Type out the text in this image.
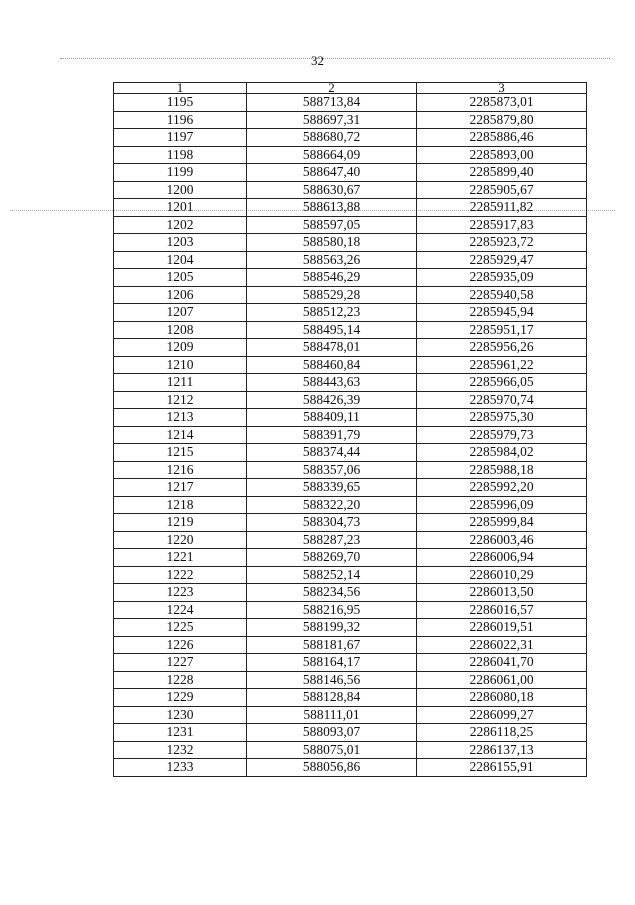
32
1	2	3
1195	588713,84	2285873,01
1196	588697,31	2285879,80
1197	588680,72	2285886,46
1198	588664,09	2285893,00
1199	588647,40	2285899,40
1200	588630,67	2285905,67
1201	588613,88	2285911,82
1202	588597,05	2285917,83
1203	588580,18	2285923,72
1204	588563,26	2285929,47
1205	588546,29	2285935,09
1206	588529,28	2285940,58
1207	588512,23	2285945,94
1208	588495,14	2285951,17
1209	588478,01	2285956,26
1210	588460,84	2285961,22
1211	588443,63	2285966,05
1212	588426,39	2285970,74
1213	588409,11	2285975,30
1214	588391,79	2285979,73
1215	588374,44	2285984,02
1216	588357,06	2285988,18
1217	588339,65	2285992,20
1218	588322,20	2285996,09
1219	588304,73	2285999,84
1220	588287,23	2286003,46
1221	588269,70	2286006,94
1222	588252,14	2286010,29
1223	588234,56	2286013,50
1224	588216,95	2286016,57
1225	588199,32	2286019,51
1226	588181,67	2286022,31
1227	588164,17	2286041,70
1228	588146,56	2286061,00
1229	588128,84	2286080,18
1230	588111,01	2286099,27
1231	588093,07	2286118,25
1232	588075,01	2286137,13
1233	588056,86	2286155,91
